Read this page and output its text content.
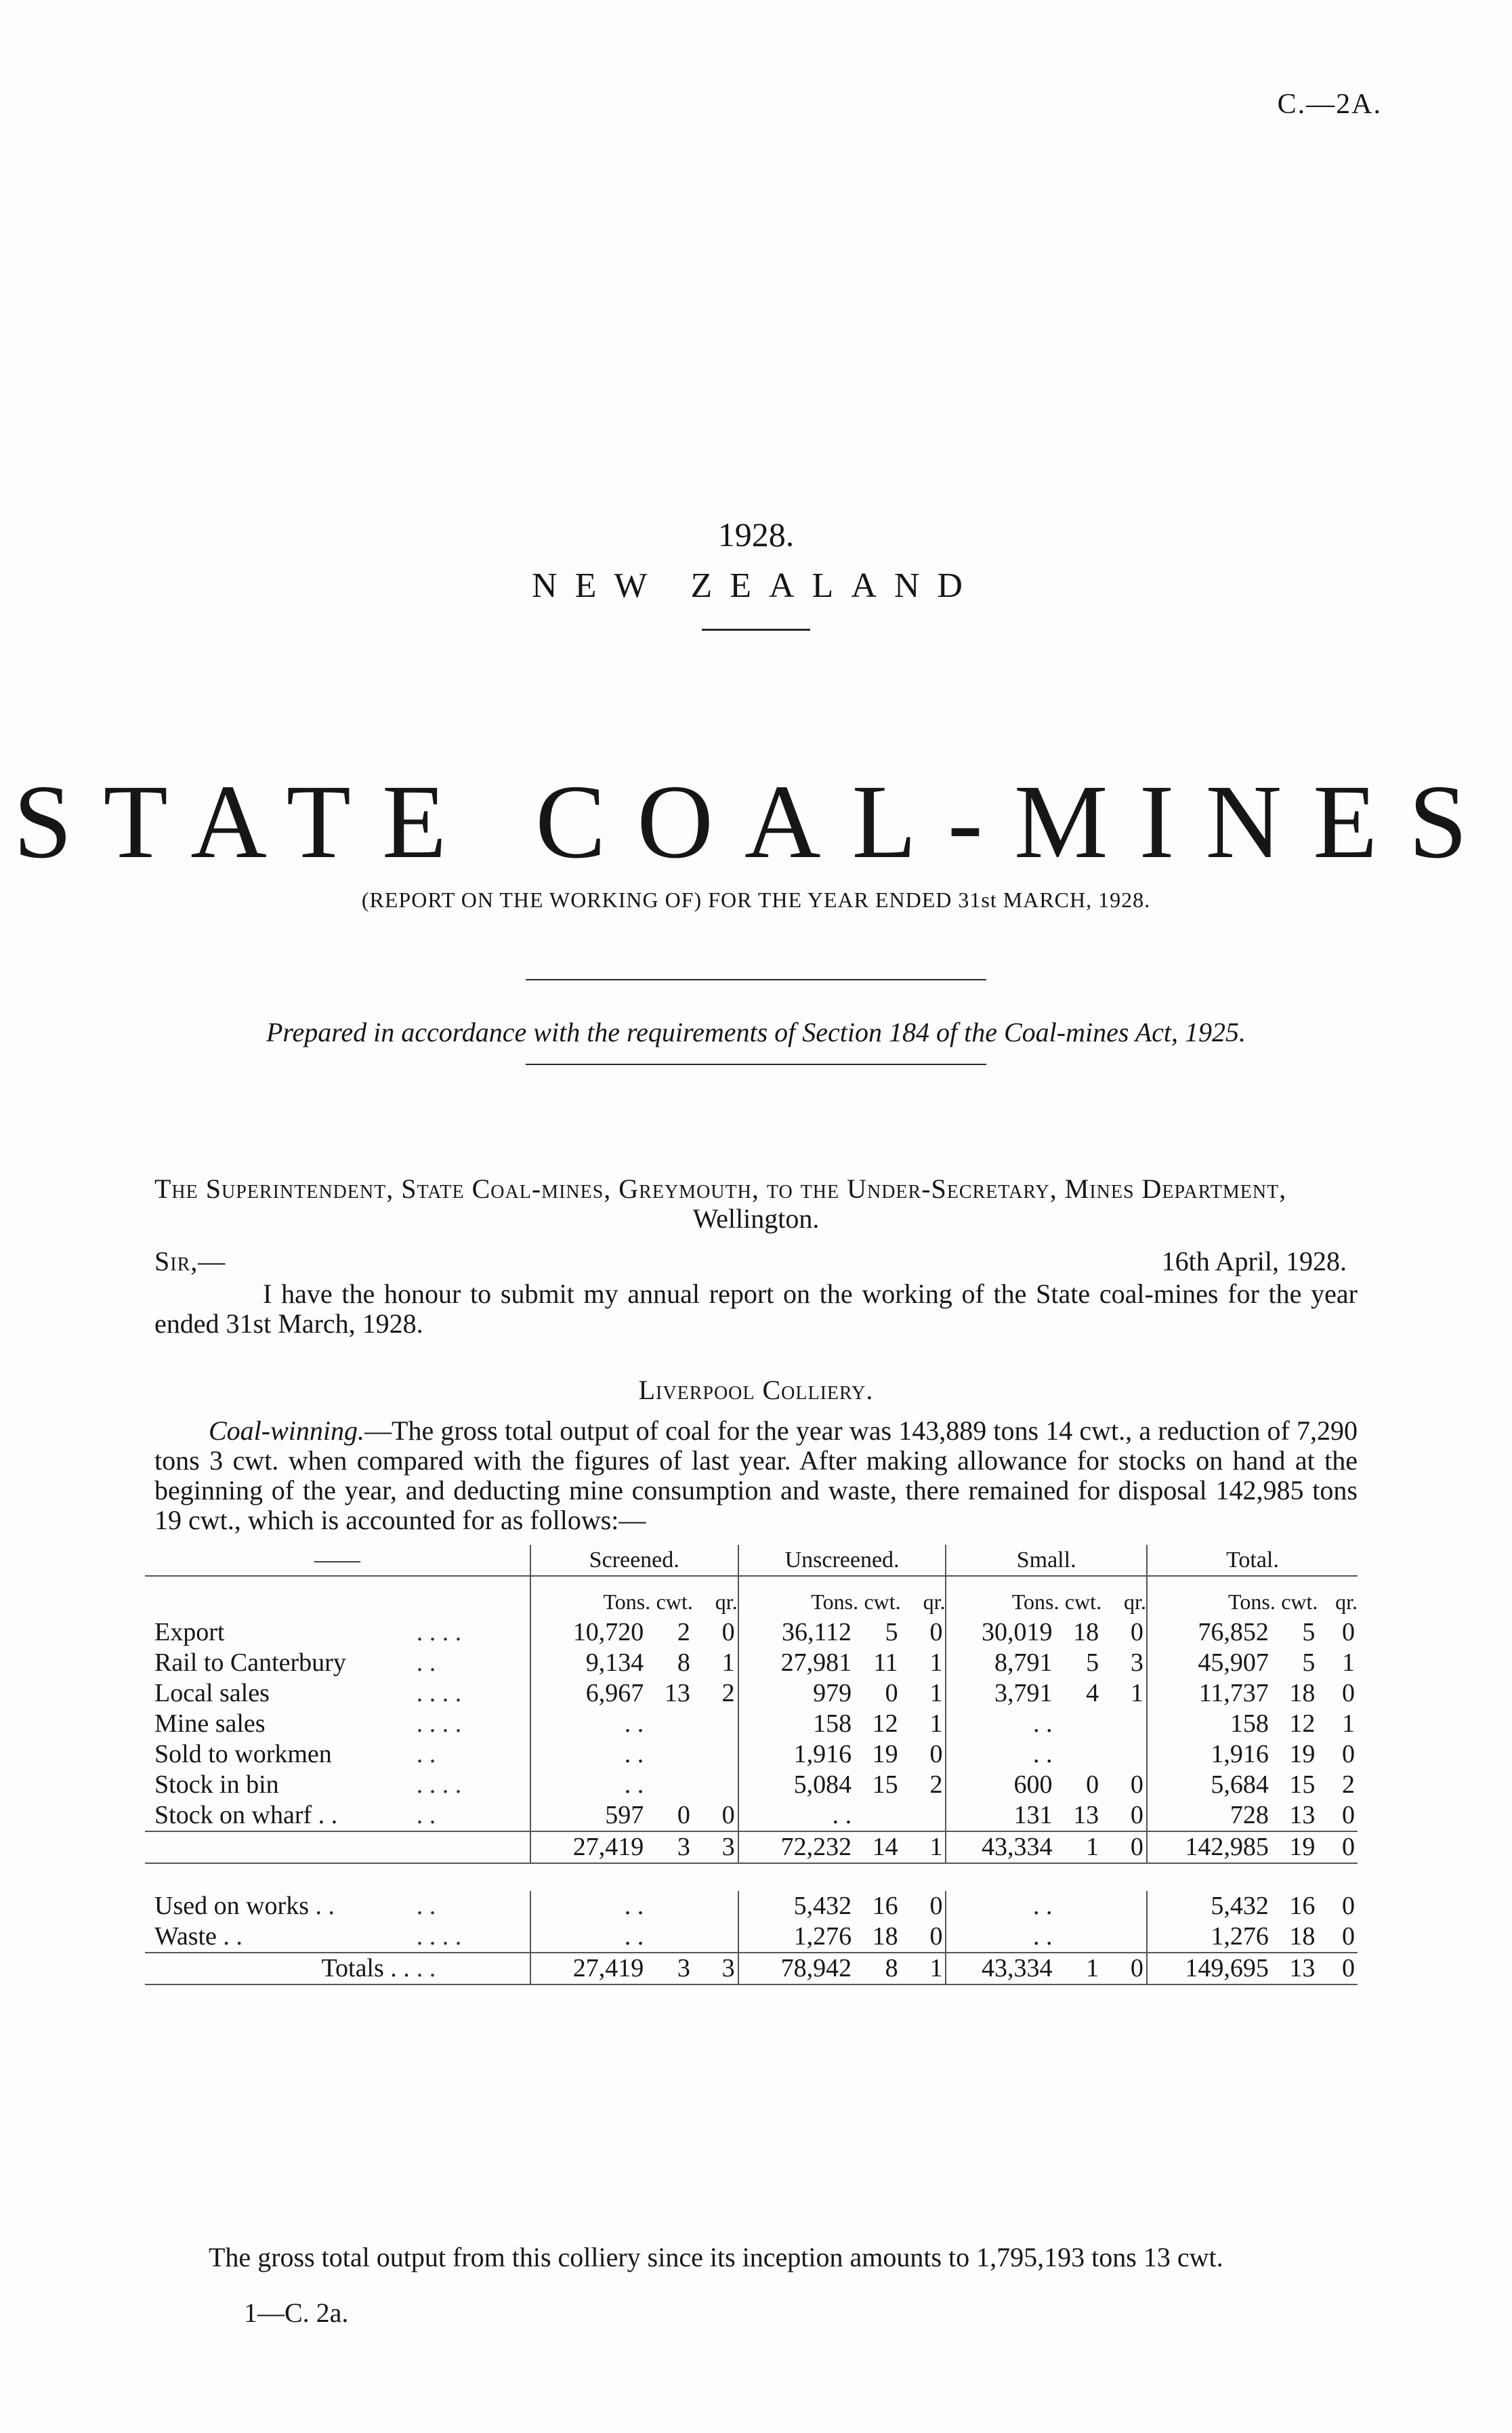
C.—2A.
1928.
NEW ZEALAND
STATE COAL-MINES
(REPORT ON THE WORKING OF) FOR THE YEAR ENDED 31st MARCH, 1928.
Prepared in accordance with the requirements of Section 184 of the Coal-mines Act, 1925.
The Superintendent, State Coal-mines, Greymouth, to the Under-Secretary, Mines Department,
Wellington.
Sir,—	16th April, 1928.
I have the honour to submit my annual report on the working of the State coal-mines for the year ended 31st March, 1928.
Liverpool Colliery.
Coal-winning.—The gross total output of coal for the year was 143,889 tons 14 cwt., a reduction of 7,290 tons 3 cwt. when compared with the figures of last year. After making allowance for stocks on hand at the beginning of the year, and deducting mine consumption and waste, there remained for disposal 142,985 tons 19 cwt., which is accounted for as follows:—
——		Screened.			Unscreened.			Small.			Total.		
		Tons.	cwt.	qr.	Tons.	cwt.	qr.	Tons.	cwt.	qr.	Tons.	cwt.	qr.
Export	. . . .	10,720	2	0	36,112	5	0	30,019	18	0	76,852	5	0
Rail to Canterbury	. .	9,134	8	1	27,981	11	1	8,791	5	3	45,907	5	1
Local sales	. . . .	6,967	13	2	979	0	1	3,791	4	1	11,737	18	0
Mine sales	. . . .	. .			158	12	1	. .			158	12	1
Sold to workmen	. .	. .			1,916	19	0	. .			1,916	19	0
Stock in bin	. . . .	. .			5,084	15	2	600	0	0	5,684	15	2
Stock on wharf . .	. .	597	0	0	. .			131	13	0	728	13	0
		27,419	3	3	72,232	14	1	43,334	1	0	142,985	19	0

Used on works . .	. .	. .			5,432	16	0	. .			5,432	16	0
Waste . .	. . . .	. .			1,276	18	0	. .			1,276	18	0
Totals . .	. .	27,419	3	3	78,942	8	1	43,334	1	0	149,695	13	0
The gross total output from this colliery since its inception amounts to 1,795,193 tons 13 cwt.
1—C. 2a.
